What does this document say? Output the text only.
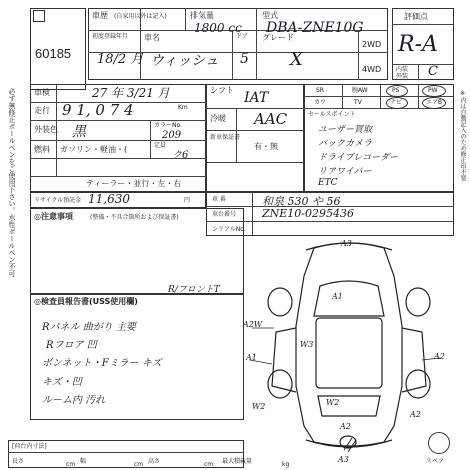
60185
車歴 (自家用以外は記入)	排気量
1800 cc
型式
DBA-ZNE10G
初度登録年月
18/2 月
車名
ウィッシュ
ドア
5
グレード
X
2WD
4WD
評価点
R-A
内装
外装 C
必ず無修正ボールペンをご使用下さい。水性ボールペン不可 車検	27 年 3/21 月
走行 9 1, 0 7 4	Km
外装色 黒	カラーNo.
209
燃料 ガソリン・軽油・(	定員
ク6
ティーラー・並行・左・右
シフト IAT
冷暖 AAC
新車保証書
有・無
SR	腕AW	PS	PW
カワ	TV	ナビ	エアB
セールスポイント
ユーザー買取
バックカメラ
ドライブレコーダー
リアワイパー
ETC
リサイクル預託金 11,630	円	車 番	和泉 530 や 56
車台番号 ZNE10-0295436
シリアルNo.
◎注意事項	(整備・不具合箇所および保証書)
R/フロントT
◎検査員報告書(USS使用欄)
Rパネル 曲がり 主要
Rフロア 凹
ボンネット・Fミラー キズ
キズ・凹
ルーム内 汚れ
A3
A1
A2W
W3
A2
A1
W2	W2
A2
A2
A3	スペア
※内は自動記入のため修正印不要
[荷台内寸法]
長さ	cm 幅	cm 高さ	cm 最大積載量	kg
